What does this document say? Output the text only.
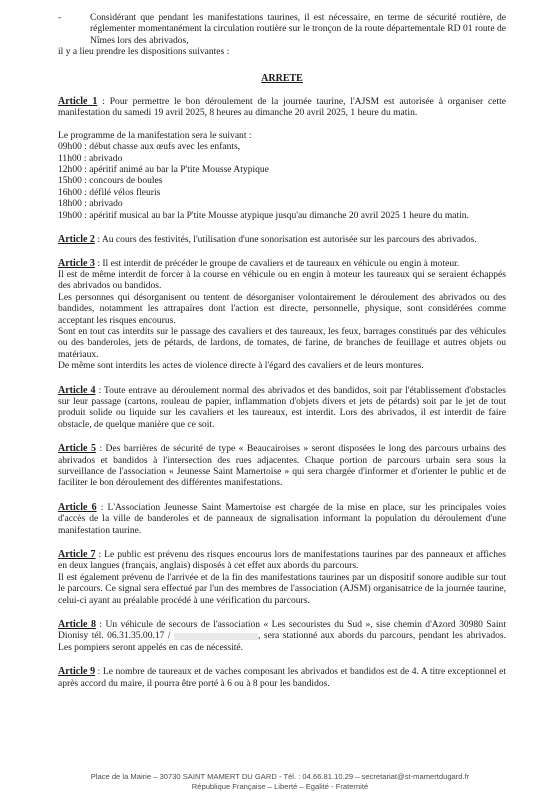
-	Considérant que pendant les manifestations taurines, il est nécessaire, en terme de sécurité routière, de réglementer momentanément la circulation routière sur le tronçon de la route départementale RD 01 route de Nîmes lors des abrivados,

il y a lieu prendre les dispositions suivantes :

ARRETE

Article 1 : Pour permettre le bon déroulement de la journée taurine, l'AJSM est autorisée à organiser cette manifestation du samedi 19 avril 2025, 8 heures au dimanche 20 avril 2025, 1 heure du matin.
Le programme de la manifestation sera le suivant :
09h00 : début chasse aux œufs avec les enfants,
11h00 : abrivado
12h00 : apéritif animé au bar la P'tite Mousse Atypique
15h00 : concours de boules
16h00 : défilé vélos fleuris
18h00 : abrivado
19h00 : apéritif musical au bar la P'tite Mousse atypique jusqu'au dimanche 20 avril 2025 1 heure du matin.
Article 2 : Au cours des festivités, l'utilisation d'une sonorisation est autorisée sur les parcours des abrivados.
Article 3 : Il est interdit de précéder le groupe de cavaliers et de taureaux en véhicule ou engin à moteur.
Il est de même interdit de forcer à la course en véhicule ou en engin à moteur les taureaux qui se seraient échappés des abrivados ou bandidos.
Les personnes qui désorganisent ou tentent de désorganiser volontairement le déroulement des abrivados ou des bandides, notamment les attrapaïres dont l'action est directe, personnelle, physique, sont considérées comme acceptant les risques encourus.
Sont en tout cas interdits sur le passage des cavaliers et des taureaux, les feux, barrages constitués par des véhicules ou des banderoles, jets de pétards, de lardons, de tomates, de farine, de branches de feuillage et autres objets ou matériaux.
De même sont interdits les actes de violence directe à l'égard des cavaliers et de leurs montures.
Article 4 : Toute entrave au déroulement normal des abrivados et des bandidos, soit par l'établissement d'obstacles sur leur passage (cartons, rouleau de papier, inflammation d'objets divers et jets de pétards) soit par le jet de tout produit solide ou liquide sur les cavaliers et les taureaux, est interdit. Lors des abrivados, il est interdit de faire obstacle, de quelque manière que ce soit.
Article 5 : Des barrières de sécurité de type « Beaucairoises » seront disposées le long des parcours urbains des abrivados et bandidos à l'intersection des rues adjacentes. Chaque portion de parcours urbain sera sous la surveillance de l'association « Jeunesse Saint Mamertoise » qui sera chargée d'informer et d'orienter le public et de faciliter le bon déroulement des différentes manifestations.
Article 6 : L'Association Jeunesse Saint Mamertoise est chargée de la mise en place, sur les principales voies d'accès de la ville de banderoles et de panneaux de signalisation informant la population du déroulement d'une manifestation taurine.
Article 7 : Le public est prévenu des risques encourus lors de manifestations taurines par des panneaux et affiches en deux langues (français, anglais) disposés à cet effet aux abords du parcours.
Il est également prévenu de l'arrivée et de la fin des manifestations taurines par un dispositif sonore audible sur tout le parcours. Ce signal sera effectué par l'un des membres de l'association (AJSM) organisatrice de la journée taurine, celui-ci ayant au préalable procédé à une vérification du parcours.
Article 8 : Un véhicule de secours de l'association « Les secouristes du Sud », sise chemin d'Azord 30980 Saint Dionisy tél. 06.31.35.00.17 /	, sera stationné aux abords du parcours, pendant les abrivados. Les pompiers seront appelés en cas de nécessité.
Article 9 : Le nombre de taureaux et de vaches composant les abrivados et bandidos est de 4. A titre exceptionnel et après accord du maire, il pourra être porté à 6 ou à 8 pour les bandidos.
Place de la Mairie – 30730 SAINT MAMERT DU GARD - Tél. : 04.66.81.10.29 – secretariat@st-mamertdugard.fr
République Française – Liberté – Egalité - Fraternité
